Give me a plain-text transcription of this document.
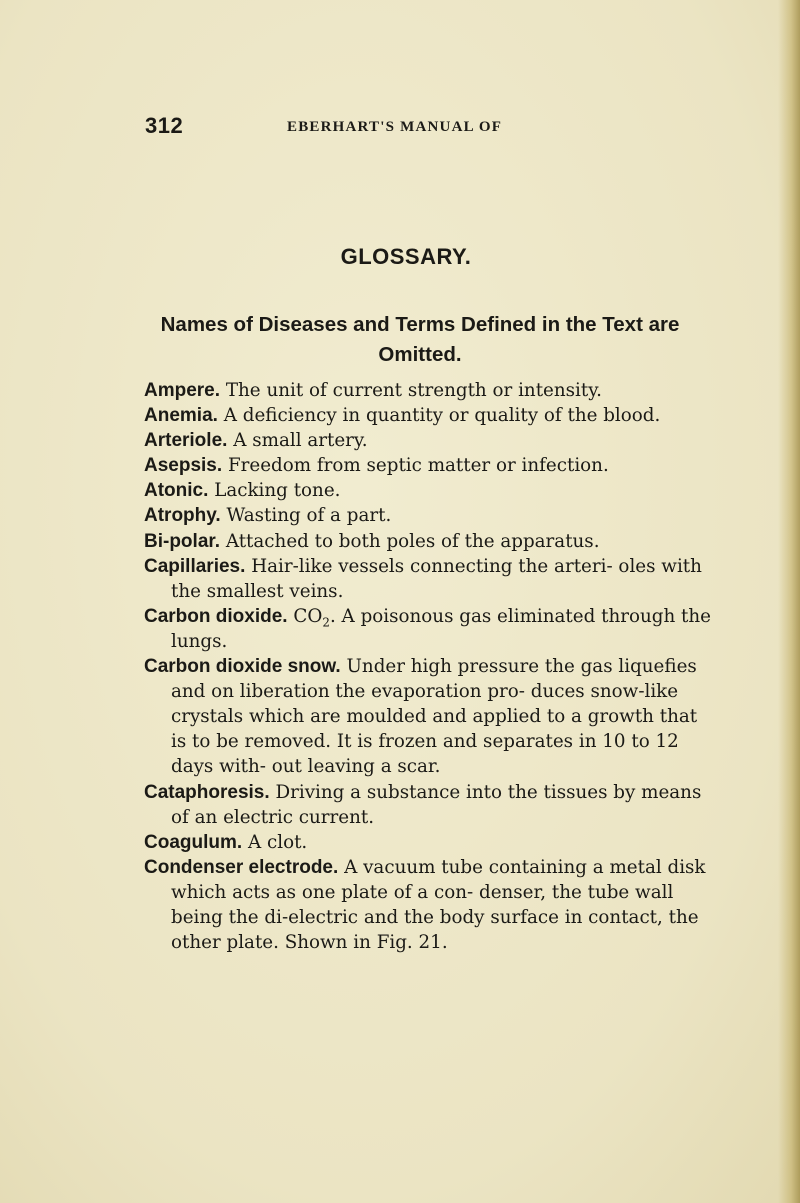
312	EBERHART'S MANUAL OF
GLOSSARY.
Names of Diseases and Terms Defined in the Text are Omitted.

Ampere. The unit of current strength or intensity.

Anemia. A deficiency in quantity or quality of the blood.

Arteriole. A small artery.

Asepsis. Freedom from septic matter or infection.

Atonic. Lacking tone.

Atrophy. Wasting of a part.

Bi-polar. Attached to both poles of the apparatus.

Capillaries. Hair-like vessels connecting the arteri- oles with the smallest veins.

Carbon dioxide. $CO_2$. A poisonous gas eliminated through the lungs.

Carbon dioxide snow. Under high pressure the gas liquefies and on liberation the evaporation pro- duces snow-like crystals which are moulded and applied to a growth that is to be removed. It is frozen and separates in 10 to 12 days with- out leaving a scar.

Cataphoresis. Driving a substance into the tissues by means of an electric current.

Coagulum. A clot.

Condenser electrode. A vacuum tube containing a metal disk which acts as one plate of a con- denser, the tube wall being the di-electric and the body surface in contact, the other plate. Shown in Fig. 21.
